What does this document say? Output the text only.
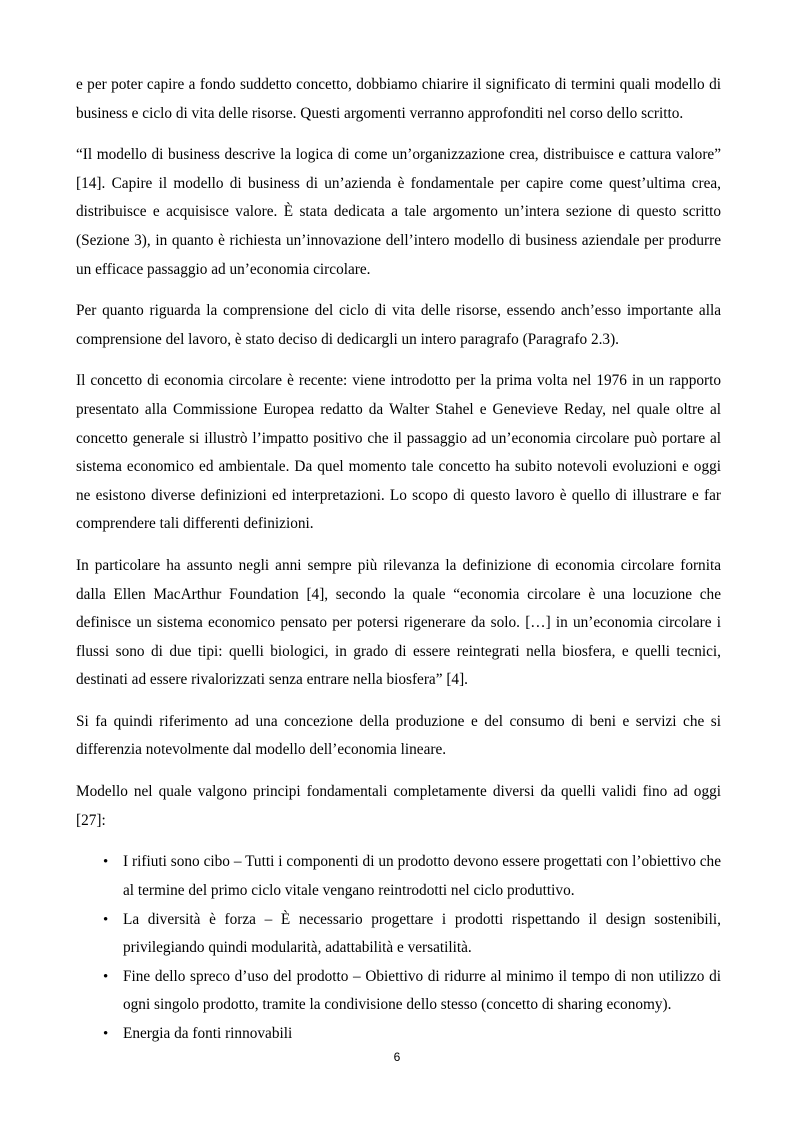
e per poter capire a fondo suddetto concetto, dobbiamo chiarire il significato di termini quali modello di business e ciclo di vita delle risorse. Questi argomenti verranno approfonditi nel corso dello scritto.

“Il modello di business descrive la logica di come un’organizzazione crea, distribuisce e cattura valore” [14]. Capire il modello di business di un’azienda è fondamentale per capire come quest’ultima crea, distribuisce e acquisisce valore. È stata dedicata a tale argomento un’intera sezione di questo scritto (Sezione 3), in quanto è richiesta un’innovazione dell’intero modello di business aziendale per produrre un efficace passaggio ad un’economia circolare.

Per quanto riguarda la comprensione del ciclo di vita delle risorse, essendo anch’esso importante alla comprensione del lavoro, è stato deciso di dedicargli un intero paragrafo (Paragrafo 2.3).

Il concetto di economia circolare è recente: viene introdotto per la prima volta nel 1976 in un rapporto presentato alla Commissione Europea redatto da Walter Stahel e Genevieve Reday, nel quale oltre al concetto generale si illustrò l’impatto positivo che il passaggio ad un’economia circolare può portare al sistema economico ed ambientale. Da quel momento tale concetto ha subito notevoli evoluzioni e oggi ne esistono diverse definizioni ed interpretazioni. Lo scopo di questo lavoro è quello di illustrare e far comprendere tali differenti definizioni.

In particolare ha assunto negli anni sempre più rilevanza la definizione di economia circolare fornita dalla Ellen MacArthur Foundation [4], secondo la quale “economia circolare è una locuzione che definisce un sistema economico pensato per potersi rigenerare da solo. […] in un’economia circolare i flussi sono di due tipi: quelli biologici, in grado di essere reintegrati nella biosfera, e quelli tecnici, destinati ad essere rivalorizzati senza entrare nella biosfera” [4].

Si fa quindi riferimento ad una concezione della produzione e del consumo di beni e servizi che si differenzia notevolmente dal modello dell’economia lineare.

Modello nel quale valgono principi fondamentali completamente diversi da quelli validi fino ad oggi [27]:

• I rifiuti sono cibo – Tutti i componenti di un prodotto devono essere progettati con l’obiettivo che al termine del primo ciclo vitale vengano reintrodotti nel ciclo produttivo.
• La diversità è forza – È necessario progettare i prodotti rispettando il design sostenibili, privilegiando quindi modularità, adattabilità e versatilità.
• Fine dello spreco d’uso del prodotto – Obiettivo di ridurre al minimo il tempo di non utilizzo di ogni singolo prodotto, tramite la condivisione dello stesso (concetto di sharing economy).
• Energia da fonti rinnovabili
6
